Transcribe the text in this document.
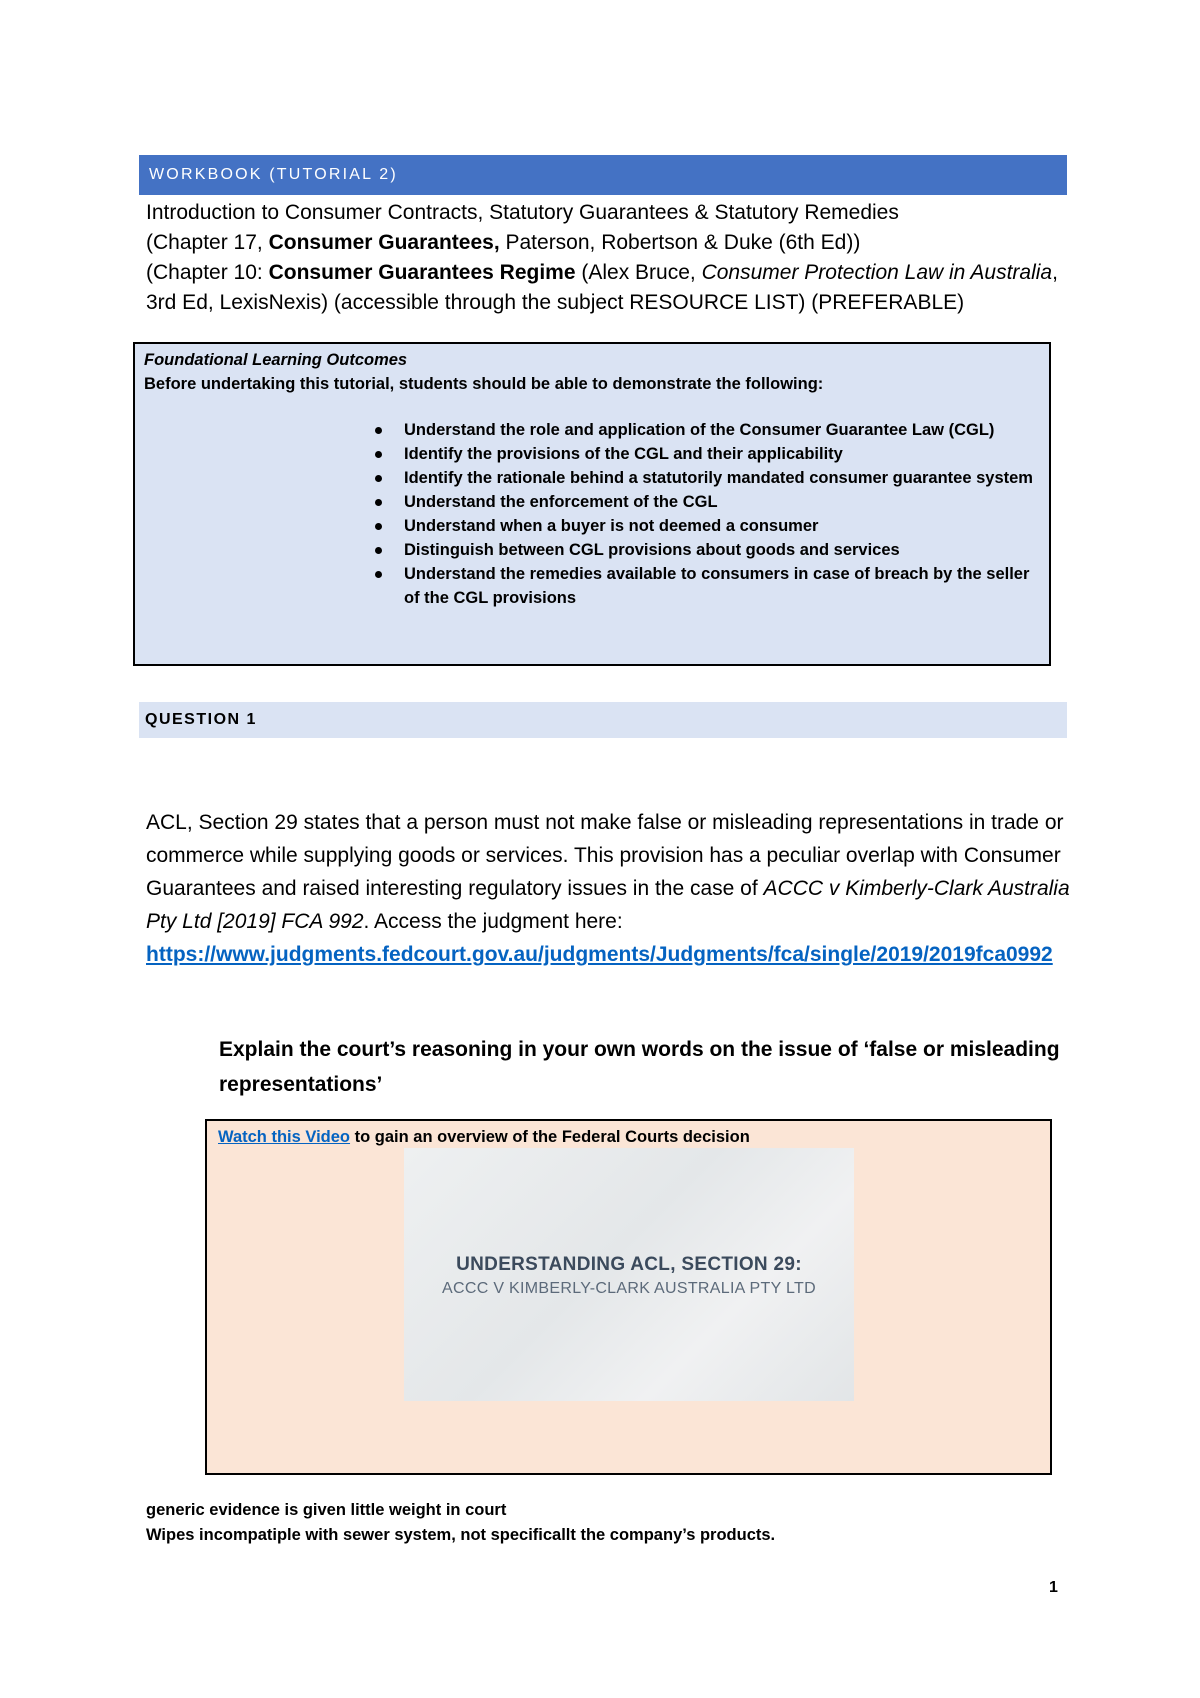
WORKBOOK (TUTORIAL 2)
Introduction to Consumer Contracts, Statutory Guarantees & Statutory Remedies
(Chapter 17, Consumer Guarantees, Paterson, Robertson & Duke (6th Ed))
(Chapter 10: Consumer Guarantees Regime (Alex Bruce, Consumer Protection Law in Australia, 3rd Ed, LexisNexis) (accessible through the subject RESOURCE LIST) (PREFERABLE)
Foundational Learning Outcomes
Before undertaking this tutorial, students should be able to demonstrate the following:
Understand the role and application of the Consumer Guarantee Law (CGL)
Identify the provisions of the CGL and their applicability
Identify the rationale behind a statutorily mandated consumer guarantee system
Understand the enforcement of the CGL
Understand when a buyer is not deemed a consumer
Distinguish between CGL provisions about goods and services
Understand the remedies available to consumers in case of breach by the seller of the CGL provisions
QUESTION 1
ACL, Section 29 states that a person must not make false or misleading representations in trade or commerce while supplying goods or services. This provision has a peculiar overlap with Consumer Guarantees and raised interesting regulatory issues in the case of ACCC v Kimberly-Clark Australia Pty Ltd [2019] FCA 992. Access the judgment here:
https://www.judgments.fedcourt.gov.au/judgments/Judgments/fca/single/2019/2019fca0992
Explain the court’s reasoning in your own words on the issue of ‘false or misleading representations’
Watch this Video to gain an overview of the Federal Courts decision
UNDERSTANDING ACL, SECTION 29:
ACCC V KIMBERLY-CLARK AUSTRALIA PTY LTD
generic evidence is given little weight in court
Wipes incompatiple with sewer system, not specificallt the company’s products.
1
